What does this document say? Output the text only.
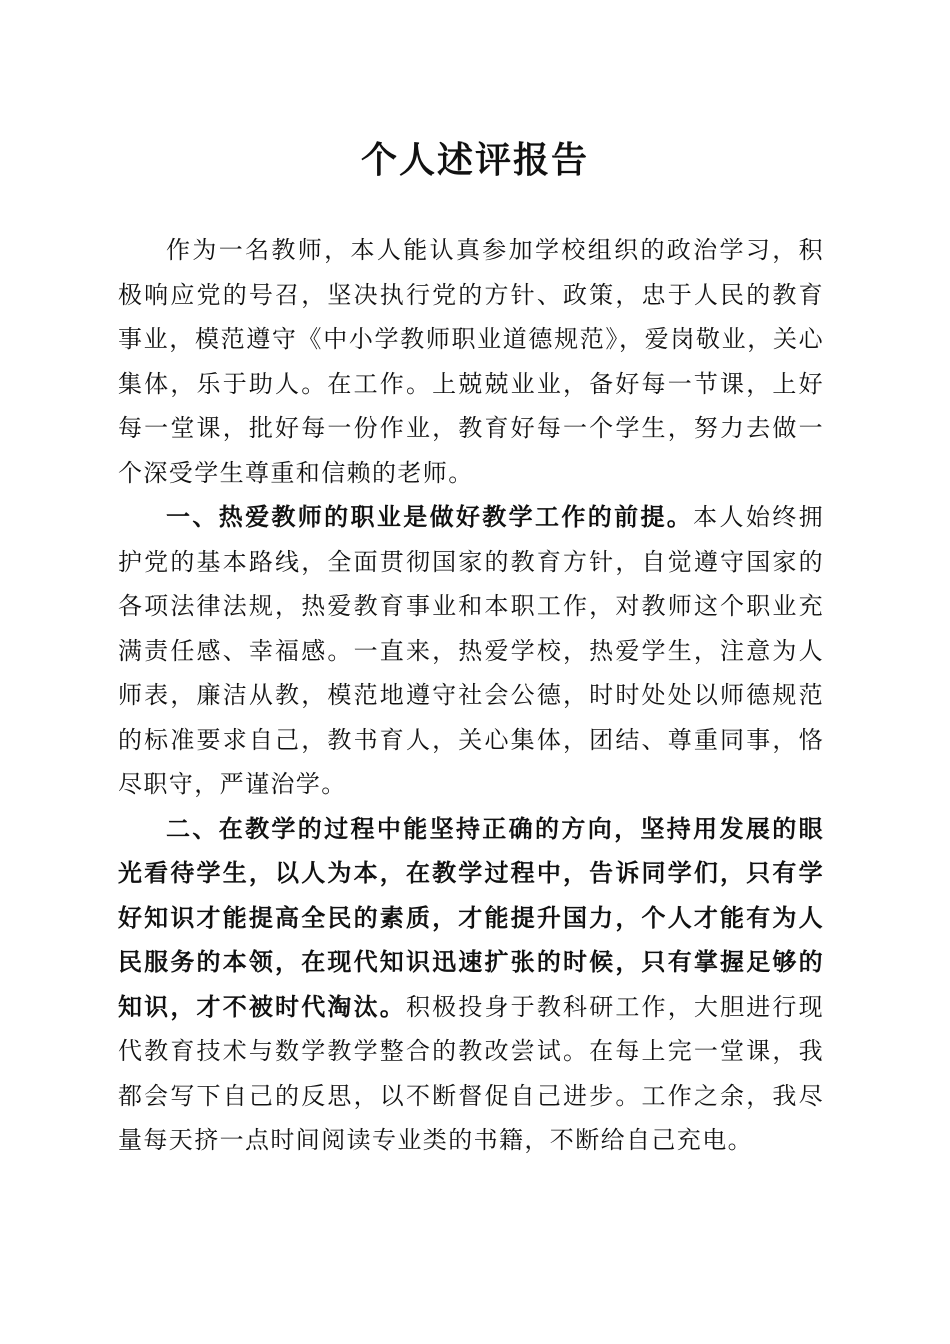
个人述评报告

作为一名教师，本人能认真参加学校组织的政治学习，积极响应党的号召，坚决执行党的方针、政策，忠于人民的教育事业，模范遵守《中小学教师职业道德规范》，爱岗敬业，关心集体，乐于助人。在工作。上兢兢业业，备好每一节课，上好每一堂课，批好每一份作业，教育好每一个学生，努力去做一个深受学生尊重和信赖的老师。

一、热爱教师的职业是做好教学工作的前提。本人始终拥护党的基本路线，全面贯彻国家的教育方针，自觉遵守国家的各项法律法规，热爱教育事业和本职工作，对教师这个职业充满责任感、幸福感。一直来，热爱学校，热爱学生，注意为人师表，廉洁从教，模范地遵守社会公德，时时处处以师德规范的标准要求自己，教书育人，关心集体，团结、尊重同事，恪尽职守，严谨治学。

二、在教学的过程中能坚持正确的方向，坚持用发展的眼光看待学生，以人为本，在教学过程中，告诉同学们，只有学好知识才能提高全民的素质，才能提升国力，个人才能有为人民服务的本领，在现代知识迅速扩张的时候，只有掌握足够的知识，才不被时代淘汰。积极投身于教科研工作，大胆进行现代教育技术与数学教学整合的教改尝试。在每上完一堂课，我都会写下自己的反思，以不断督促自己进步。工作之余，我尽量每天挤一点时间阅读专业类的书籍，不断给自己充电。
